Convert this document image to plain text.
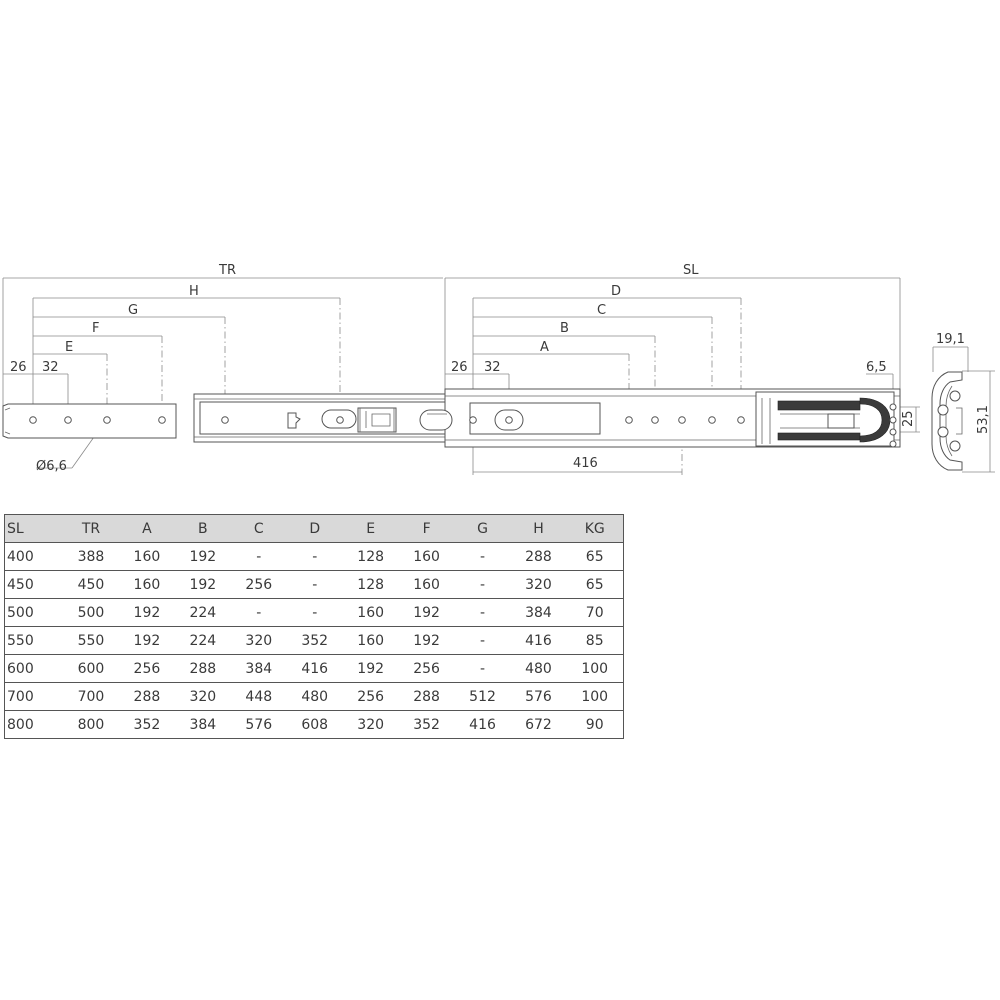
TR	SL
H
G
F
E
D
C
B
A
26 32	26 32
416
6,5
25
19,1
53,1
Ø6,6
SL	TR	A	B	C	D	E	F	G	H	KG
400	388	160	192	-	-	128	160	-	288	65
450	450	160	192	256	-	128	160	-	320	65
500	500	192	224	-	-	160	192	-	384	70
550	550	192	224	320	352	160	192	-	416	85
600	600	256	288	384	416	192	256	-	480	100
700	700	288	320	448	480	256	288	512	576	100
800	800	352	384	576	608	320	352	416	672	90
